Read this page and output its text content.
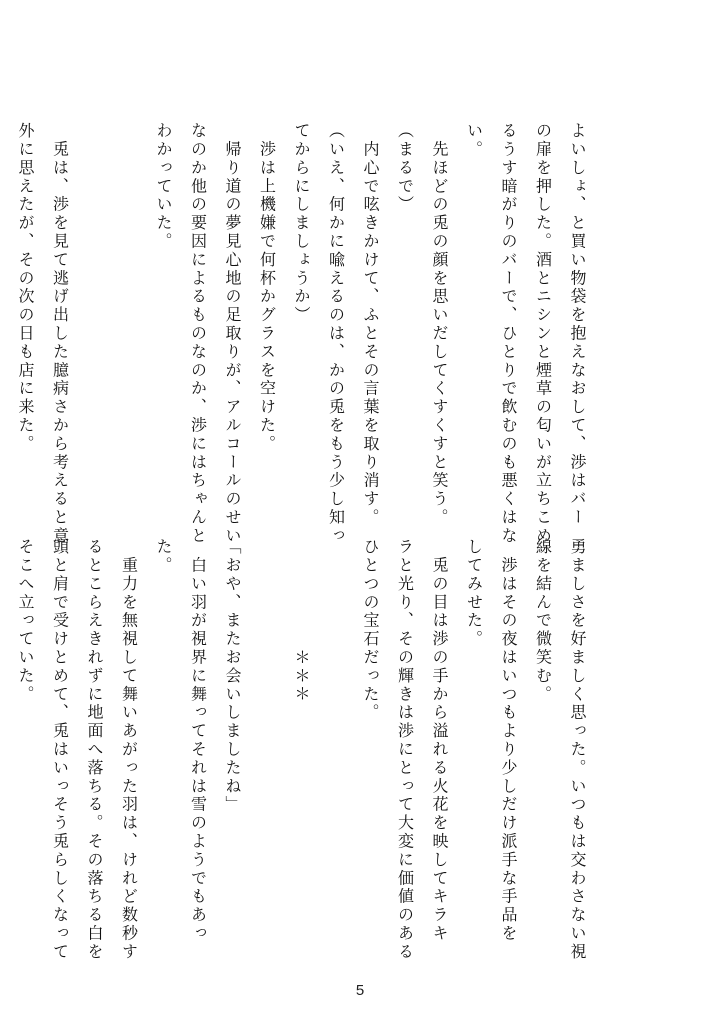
よいしょ、と買い物袋を抱えなおして、渉はバー
の扉を押した。酒とニシンと煙草の匂いが立ちこめ
るうす暗がりのバーで、ひとりで飲むのも悪くはな
い。
　先ほどの兎の顔を思いだしてくすくすと笑う。
（まるで）
　内心で呟きかけて、ふとその言葉を取り消す。
（いえ、何かに喩えるのは、かの兎をもう少し知っ
てからにしましょうか）
　渉は上機嫌で何杯かグラスを空けた。
　帰り道の夢見心地の足取りが、アルコールのせい
なのか他の要因によるものなのか、渉にはちゃんと
わかっていた。

　兎は、渉を見て逃げ出した臆病さから考えると意
外に思えたが、その次の日も店に来た。

勇ましさを好ましく思った。いつもは交わさない視
線を結んで微笑む。
　渉はその夜はいつもより少しだけ派手な手品を
してみせた。
　兎の目は渉の手から溢れる火花を映してキラキ
ラと光り、その輝きは渉にとって大変に価値のある
ひとつの宝石だった。

　　　　　　＊＊＊

「おや、またお会いしましたね」
　白い羽が視界に舞ってそれは雪のようでもあっ
た。
　重力を無視して舞いあがった羽は、けれど数秒す
るとこらえきれずに地面へ落ちる。その落ちる白を
頭と肩で受けとめて、兎はいっそう兎らしくなって
そこへ立っていた。

5
